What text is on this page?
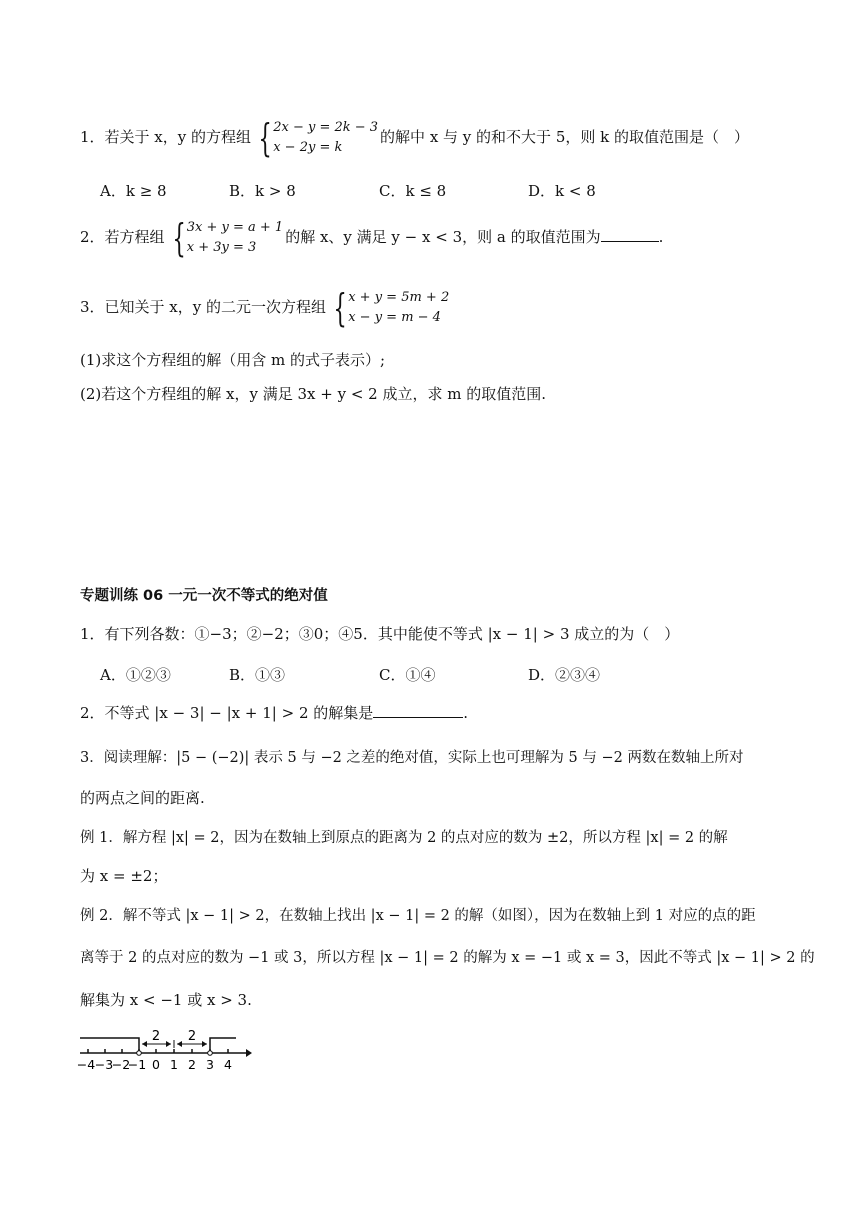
1．若关于 x，y 的方程组 { 2x − y = 2k − 3
x − 2y = k
的解中 x 与 y 的和不大于 5，则 k 的取值范围是（　）
A．k ≥ 8	B．k > 8	C．k ≤ 8	D．k < 8
2．若方程组 { 3x + y = a + 1
x + 3y = 3
的解 x、y 满足 y − x < 3，则 a 的取值范围为	.
3．已知关于 x，y 的二元一次方程组 { x + y = 5m + 2
x − y = m − 4
(1)求这个方程组的解（用含 m 的式子表示）;
(2)若这个方程组的解 x，y 满足 3x + y < 2 成立，求 m 的取值范围.
专题训练 06 一元一次不等式的绝对值
1．有下列各数：①−3；②−2；③0；④5．其中能使不等式 |x − 1| > 3 成立的为（　）
A．①②③	B．①③	C．①④	D．②③④
2．不等式 |x − 3| − |x + 1| > 2 的解集是	.
3．阅读理解：|5 − (−2)| 表示 5 与 −2 之差的绝对值，实际上也可理解为 5 与 −2 两数在数轴上所对
的两点之间的距离.
例 1．解方程 |x| = 2，因为在数轴上到原点的距离为 2 的点对应的数为 ±2，所以方程 |x| = 2 的解
为 x = ±2；
例 2．解不等式 |x − 1| > 2，在数轴上找出 |x − 1| = 2 的解（如图），因为在数轴上到 1 对应的点的距
离等于 2 的点对应的数为 −1 或 3，所以方程 |x − 1| = 2 的解为 x = −1 或 x = 3，因此不等式 |x − 1| > 2 的
解集为 x < −1 或 x > 3.
2 2
−4 −3
−2
−1 0 1 2 3 4
